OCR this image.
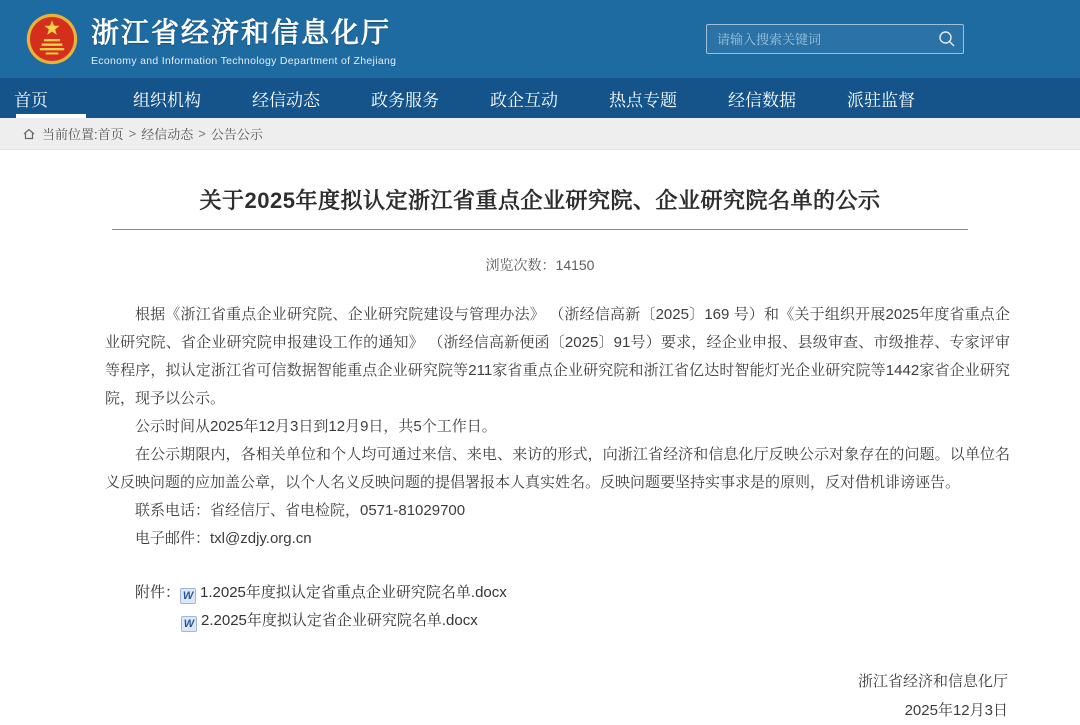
浙江省经济和信息化厅
Economy and Information Technology Department of Zhejiang
请输入搜索关键词
首页	组织机构	经信动态	政务服务	政企互动	热点专题	经信数据	派驻监督
当前位置: 首页 > 经信动态 > 公告公示
关于2025年度拟认定浙江省重点企业研究院、企业研究院名单的公示
浏览次数：14150

根据《浙江省重点企业研究院、企业研究院建设与管理办法》 （浙经信高新〔2025〕169 号）和《关于组织开展2025年度省重点企业研究院、省企业研究院申报建设工作的通知》 （浙经信高新便函〔2025〕91号）要求，经企业申报、县级审查、市级推荐、专家评审等程序，拟认定浙江省可信数据智能重点企业研究院等211家省重点企业研究院和浙江省亿达时智能灯光企业研究院等1442家省企业研究院，现予以公示。

公示时间从2025年12月3日到12月9日，共5个工作日。

在公示期限内，各相关单位和个人均可通过来信、来电、来访的形式，向浙江省经济和信息化厅反映公示对象存在的问题。以单位名义反映问题的应加盖公章，以个人名义反映问题的提倡署报本人真实姓名。反映问题要坚持实事求是的原则，反对借机诽谤诬告。

联系电话：省经信厅、省电检院，0571-81029700

电子邮件：txl@zdjy.org.cn

附件： W 1.2025年度拟认定省重点企业研究院名单.docx
W 2.2025年度拟认定省企业研究院名单.docx
浙江省经济和信息化厅
2025年12月3日
